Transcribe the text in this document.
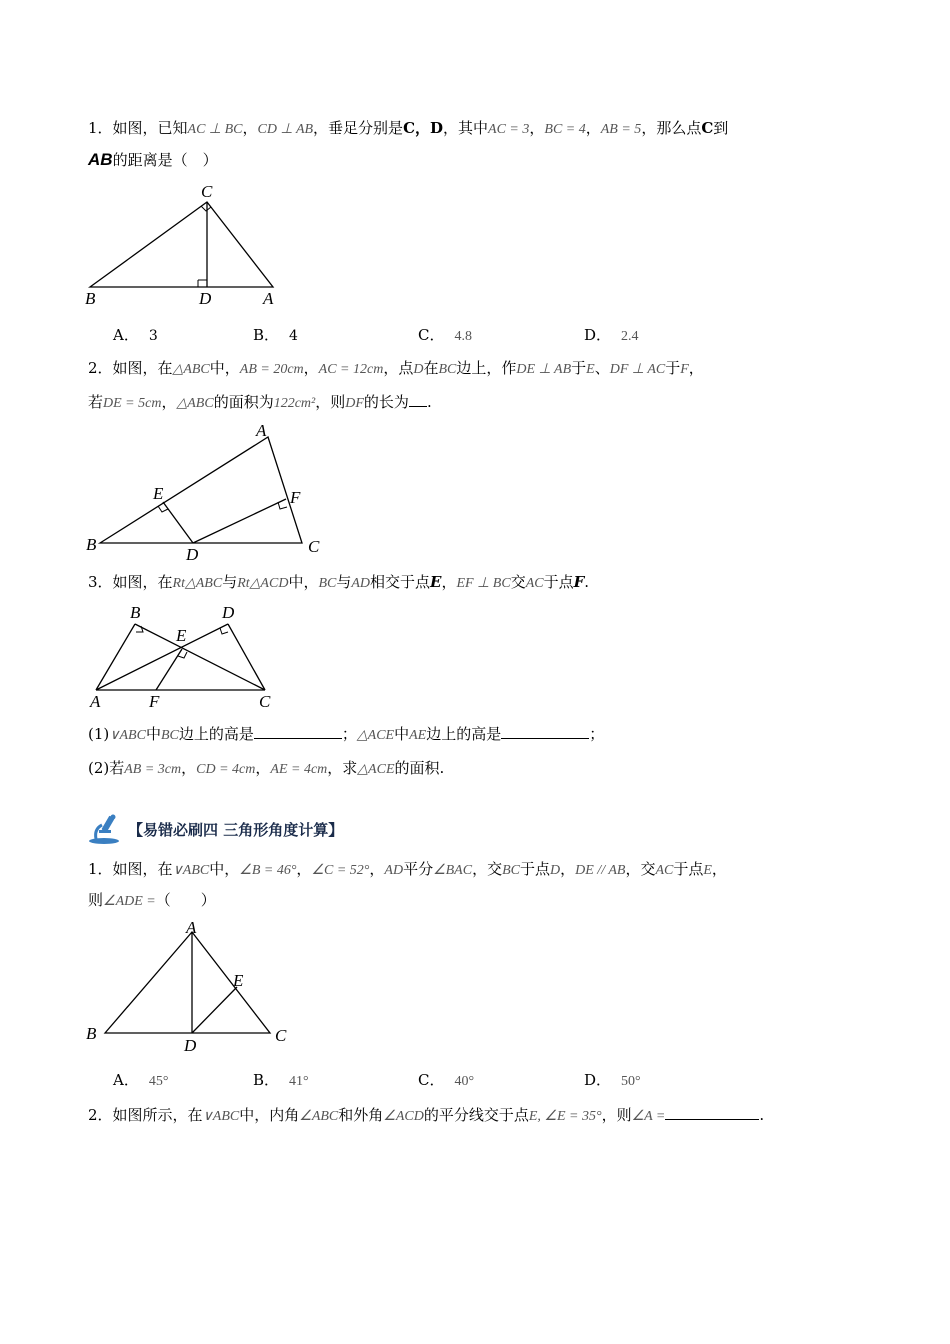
1．如图，已知AC ⊥ BC，CD ⊥ AB，垂足分别是C，D，其中AC = 3，BC = 4，AB = 5，那么点C到
AB的距离是（　）
C
B	D	A
A． 3	B． 4	C． 4.8	D． 2.4
2．如图，在△ABC中，AB = 20cm，AC = 12cm，点D在BC边上，作DE ⊥ AB于E、DF ⊥ AC于F，
若DE = 5cm，△ABC的面积为122cm²，则DF的长为 .
A
E	F
B
D	C
3．如图，在Rt△ABC与Rt△ACD中，BC与AD相交于点E，EF ⊥ BC交AC于点F.
B	D
E
A	F	C
(1)∨ABC中BC边上的高是	；△ACE中AE边上的高是	；
(2)若AB = 3cm，CD = 4cm，AE = 4cm，求△ACE的面积.
【易错必刷四 三角形角度计算】
1．如图，在∨ABC中，∠B = 46°，∠C = 52°，AD平分∠BAC，交BC于点D，DE // AB，交AC于点E，
则∠ADE =（　　）
A
E
B
D
C
A． 45°	B． 41°	C． 40°	D． 50°
2．如图所示，在∨ABC中，内角∠ABC和外角∠ACD的平分线交于点E, ∠E = 35°，则∠A =	.
